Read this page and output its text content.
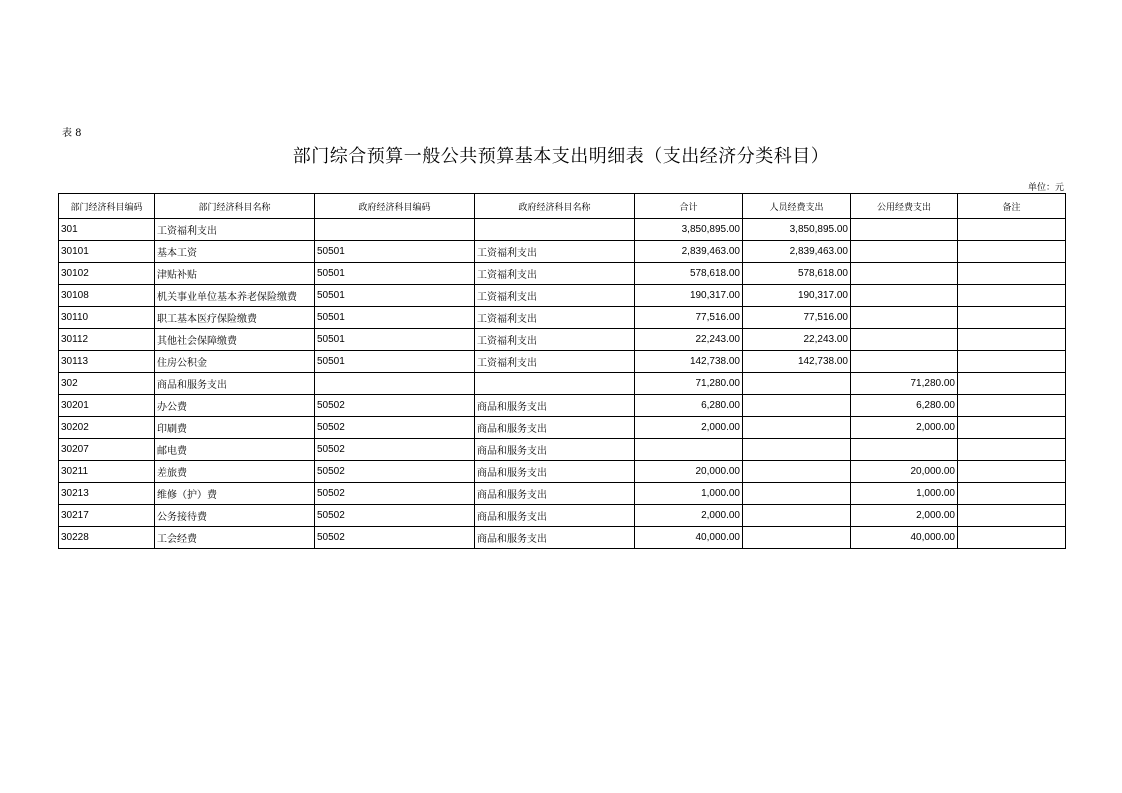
表 8
部门综合预算一般公共预算基本支出明细表（支出经济分类科目）
单位：元
部门经济科目编码	部门经济科目名称	政府经济科目编码	政府经济科目名称	合计	人员经费支出	公用经费支出	备注
301	工资福利支出			3,850,895.00	3,850,895.00		
30101	基本工资	50501	工资福利支出	2,839,463.00	2,839,463.00		
30102	津贴补贴	50501	工资福利支出	578,618.00	578,618.00		
30108	机关事业单位基本养老保险缴费	50501	工资福利支出	190,317.00	190,317.00		
30110	职工基本医疗保险缴费	50501	工资福利支出	77,516.00	77,516.00		
30112	其他社会保障缴费	50501	工资福利支出	22,243.00	22,243.00		
30113	住房公积金	50501	工资福利支出	142,738.00	142,738.00		
302	商品和服务支出			71,280.00		71,280.00	
30201	办公费	50502	商品和服务支出	6,280.00		6,280.00	
30202	印刷费	50502	商品和服务支出	2,000.00		2,000.00	
30207	邮电费	50502	商品和服务支出				
30211	差旅费	50502	商品和服务支出	20,000.00		20,000.00	
30213	维修（护）费	50502	商品和服务支出	1,000.00		1,000.00	
30217	公务接待费	50502	商品和服务支出	2,000.00		2,000.00	
30228	工会经费	50502	商品和服务支出	40,000.00		40,000.00	
